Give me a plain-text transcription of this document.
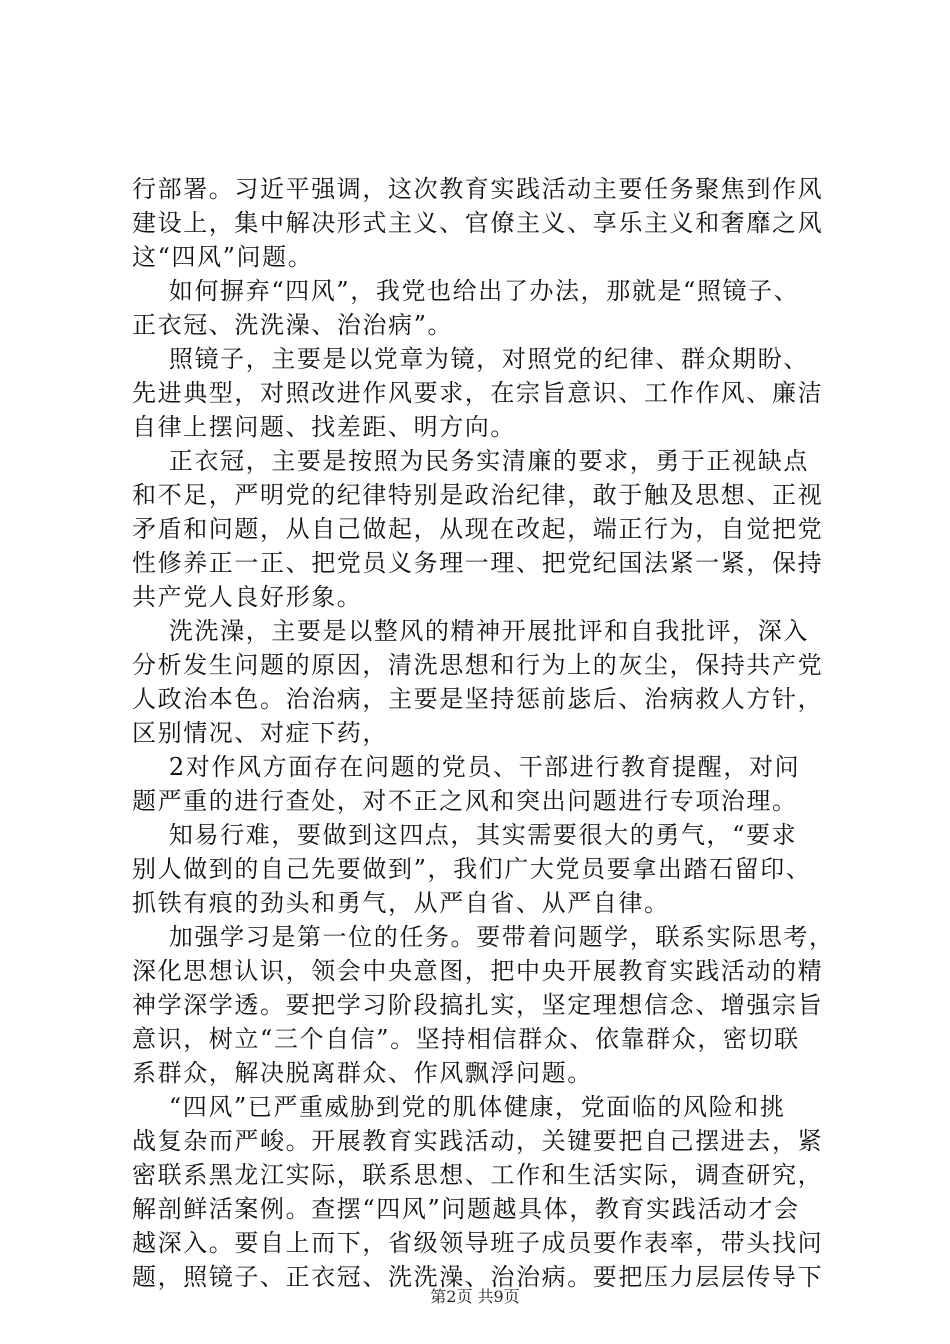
行部署。习近平强调，这次教育实践活动主要任务聚焦到作风
建设上，集中解决形式主义、官僚主义、享乐主义和奢靡之风
这“四风”问题。
如何摒弃“四风”，我党也给出了办法，那就是“照镜子、
正衣冠、洗洗澡、治治病”。
照镜子，主要是以党章为镜，对照党的纪律、群众期盼、
先进典型，对照改进作风要求，在宗旨意识、工作作风、廉洁
自律上摆问题、找差距、明方向。
正衣冠，主要是按照为民务实清廉的要求，勇于正视缺点
和不足，严明党的纪律特别是政治纪律，敢于触及思想、正视
矛盾和问题，从自己做起，从现在改起，端正行为，自觉把党
性修养正一正、把党员义务理一理、把党纪国法紧一紧，保持
共产党人良好形象。
洗洗澡，主要是以整风的精神开展批评和自我批评，深入
分析发生问题的原因，清洗思想和行为上的灰尘，保持共产党
人政治本色。治治病，主要是坚持惩前毖后、治病救人方针，
区别情况、对症下药，
2对作风方面存在问题的党员、干部进行教育提醒，对问
题严重的进行查处，对不正之风和突出问题进行专项治理。
知易行难，要做到这四点，其实需要很大的勇气，“要求
别人做到的自己先要做到”，我们广大党员要拿出踏石留印、
抓铁有痕的劲头和勇气，从严自省、从严自律。
加强学习是第一位的任务。要带着问题学，联系实际思考，
深化思想认识，领会中央意图，把中央开展教育实践活动的精
神学深学透。要把学习阶段搞扎实，坚定理想信念、增强宗旨
意识，树立“三个自信”。坚持相信群众、依靠群众，密切联
系群众，解决脱离群众、作风飘浮问题。
“四风”已严重威胁到党的肌体健康，党面临的风险和挑
战复杂而严峻。开展教育实践活动，关键要把自己摆进去，紧
密联系黑龙江实际，联系思想、工作和生活实际，调查研究，
解剖鲜活案例。查摆“四风”问题越具体，教育实践活动才会
越深入。要自上而下，省级领导班子成员要作表率，带头找问
题，照镜子、正衣冠、洗洗澡、治治病。要把压力层层传导下
第2页 共9页
